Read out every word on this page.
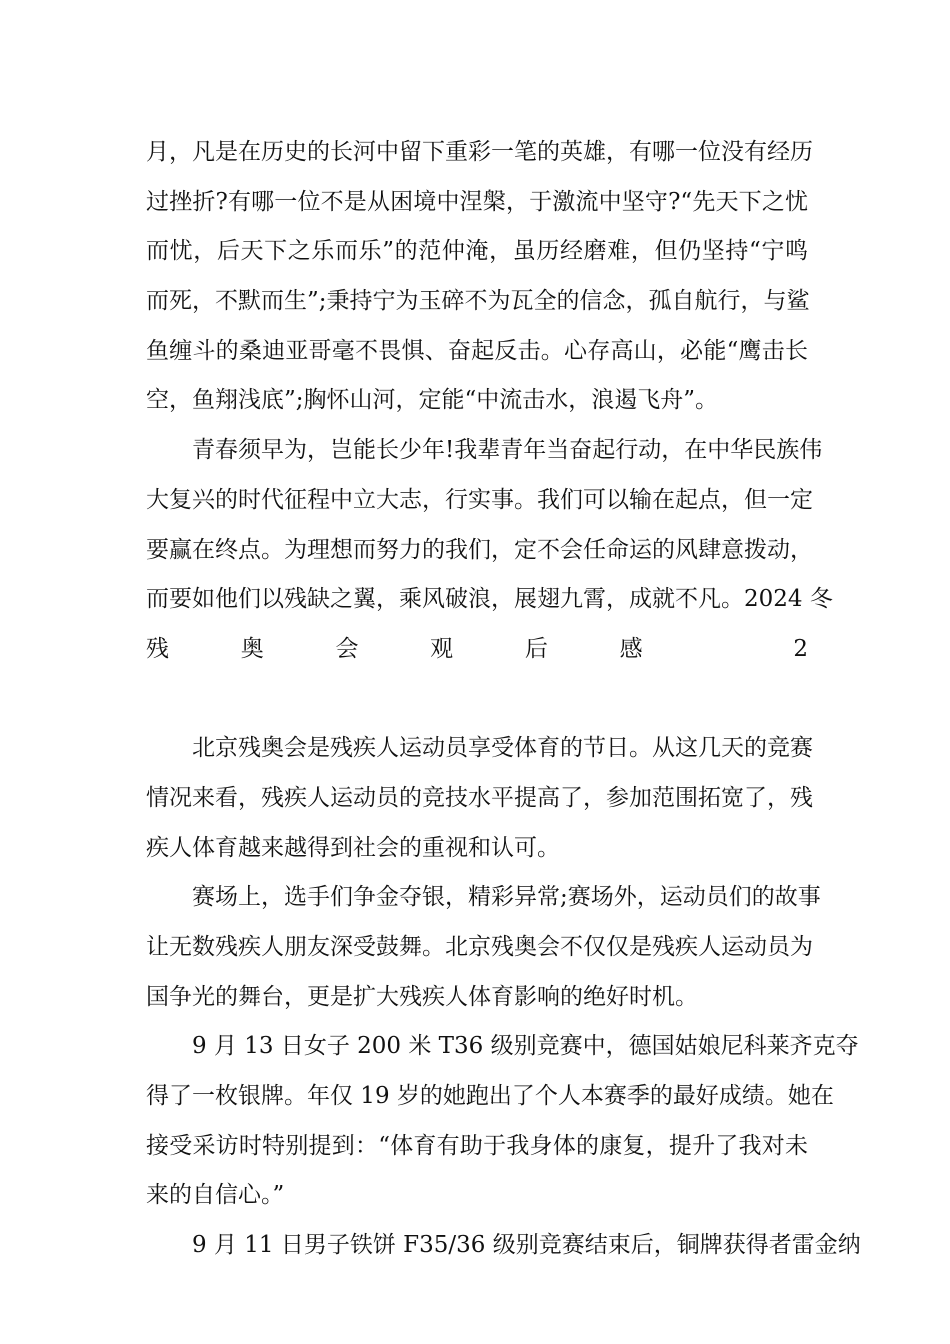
月，凡是在历史的长河中留下重彩一笔的英雄，有哪一位没有经历
过挫折?有哪一位不是从困境中涅槃，于激流中坚守?“先天下之忧
而忧，后天下之乐而乐”的范仲淹，虽历经磨难，但仍坚持“宁鸣
而死，不默而生”;秉持宁为玉碎不为瓦全的信念，孤自航行，与鲨
鱼缠斗的桑迪亚哥毫不畏惧、奋起反击。心存高山，必能“鹰击长
空，鱼翔浅底”;胸怀山河，定能“中流击水，浪遏飞舟”。
青春须早为，岂能长少年!我辈青年当奋起行动，在中华民族伟
大复兴的时代征程中立大志，行实事。我们可以输在起点，但一定
要赢在终点。为理想而努力的我们，定不会任命运的风肆意拨动，
而要如他们以残缺之翼，乘风破浪，展翅九霄，成就不凡。2024 冬
残奥会观后感 2
北京残奥会是残疾人运动员享受体育的节日。从这几天的竞赛
情况来看，残疾人运动员的竞技水平提高了，参加范围拓宽了，残
疾人体育越来越得到社会的重视和认可。
赛场上，选手们争金夺银，精彩异常;赛场外，运动员们的故事
让无数残疾人朋友深受鼓舞。北京残奥会不仅仅是残疾人运动员为
国争光的舞台，更是扩大残疾人体育影响的绝好时机。
9 月 13 日女子 200 米 T36 级别竞赛中，德国姑娘尼科莱齐克夺
得了一枚银牌。年仅 19 岁的她跑出了个人本赛季的最好成绩。她在
接受采访时特别提到：“体育有助于我身体的康复，提升了我对未
来的自信心。”
9 月 11 日男子铁饼 F35/36 级别竞赛结束后，铜牌获得者雷金纳
